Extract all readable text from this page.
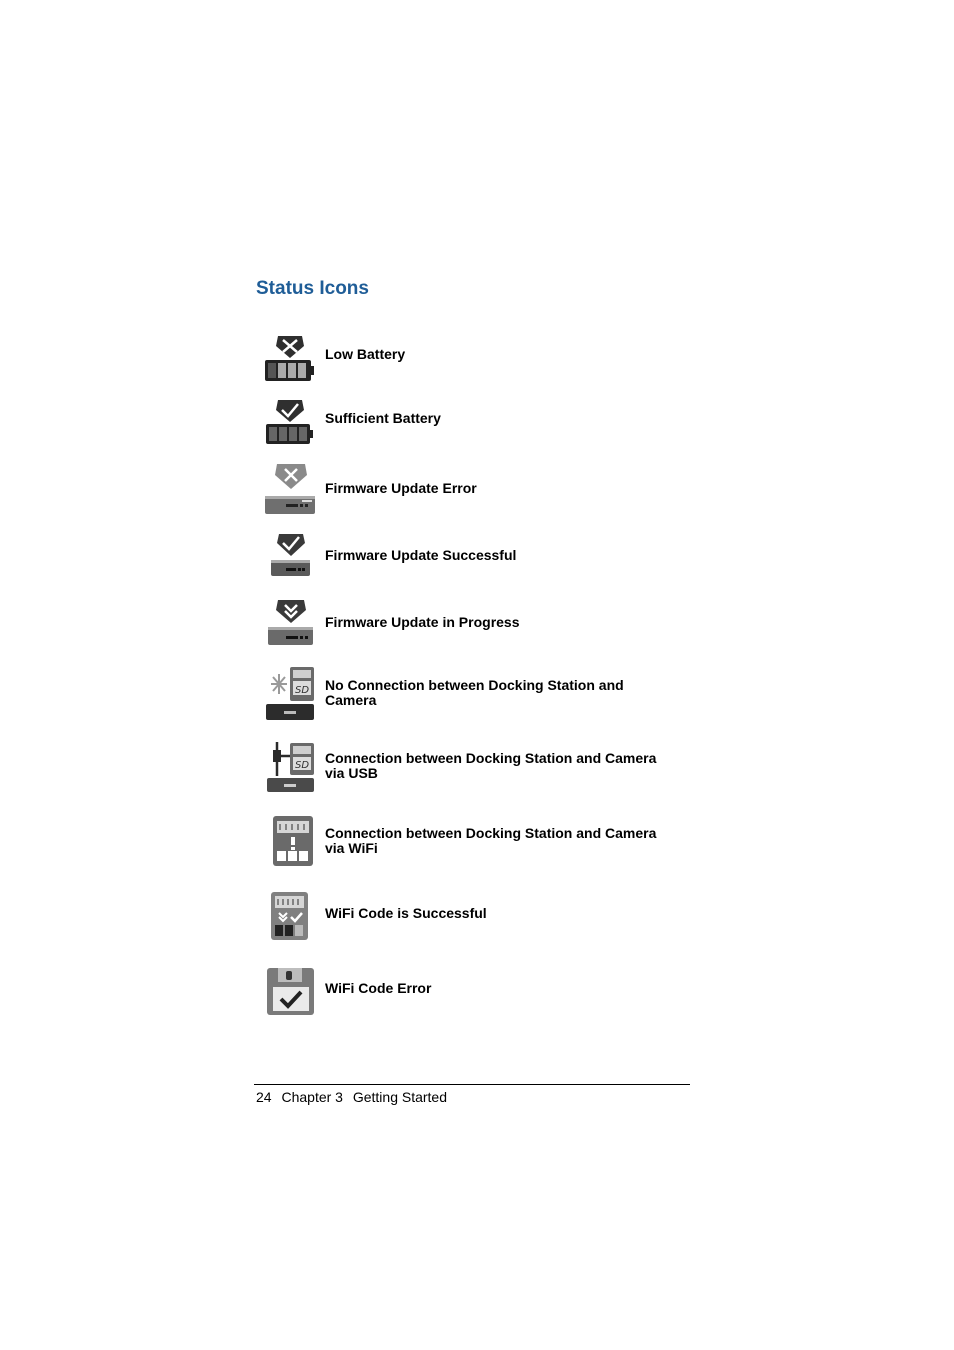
Status Icons
Low Battery
Sufficient Battery
Firmware Update Error
Firmware Update Successful
Firmware Update in Progress
SD No Connection between Docking Station and
Camera
SD Connection between Docking Station and Camera
via USB
Connection between Docking Station and Camera
via WiFi
WiFi Code is Successful
WiFi Code Error
24 Chapter 3 Getting Started
